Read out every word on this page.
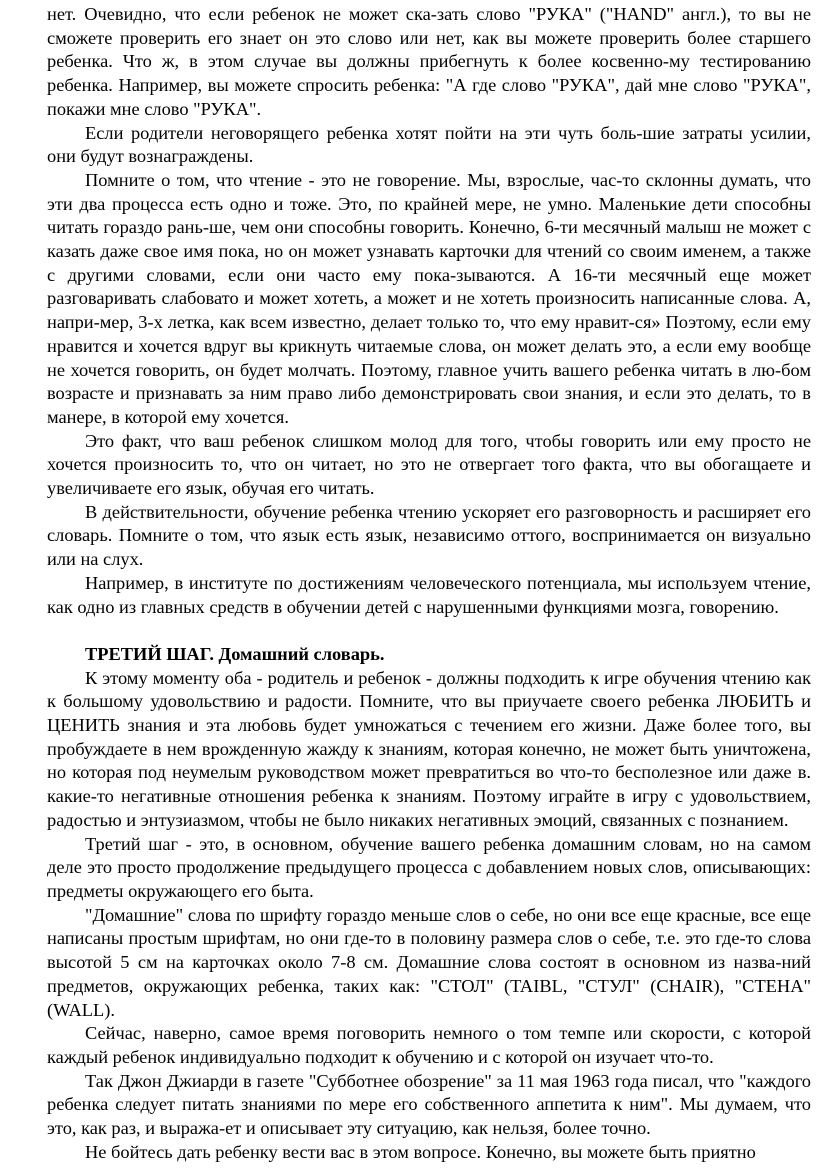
нет. Очевидно, что если ребенок не может ска-зать слово "РУКА" ("HAND" англ.), то вы не сможете проверить его знает он это слово или нет, как вы можете проверить более старшего ребенка. Что ж, в этом случае вы должны прибегнуть к более косвенно-му тестированию ребенка. Например, вы можете спросить ребенка: "А где слово "РУКА", дай мне слово "РУКА", покажи мне слово "РУКА".

Если родители неговорящего ребенка хотят пойти на эти чуть боль-шие затраты усилии, они будут вознаграждены.

Помните о том, что чтение - это не говорение. Мы, взрослые, час-то склонны думать, что эти два процесса есть одно и тоже. Это, по крайней мере, не умно. Маленькие дети способны читать гораздо рань-ше, чем они способны говорить. Конечно, 6-ти месячный малыш не может с казать даже свое имя пока, но он может узнавать карточки для чтений со своим именем, а также с другими словами, если они часто ему пока-зываются. А 16-ти месячный еще может разговаривать слабовато и может хотеть, а может и не хотеть произносить написанные слова. А, напри-мер, 3-х летка, как всем известно, делает только то, что ему нравит-ся» Поэтому, если ему нравится и хочется вдруг вы крикнуть читаемые слова, он может делать это, а если ему вообще не хочется говорить, он будет молчать. Поэтому, главное учить вашего ребенка читать в лю-бом возрасте и признавать за ним право либо демонстрировать свои знания, и если это делать, то в манере, в которой ему хочется.

Это факт, что ваш ребенок слишком молод для того, чтобы говорить или ему просто не хочется произносить то, что он читает, но это не отвергает того факта, что вы обогащаете и увеличиваете его язык, обучая его читать.

В действительности, обучение ребенка чтению ускоряет его разговорность и расширяет его словарь. Помните о том, что язык есть язык, независимо оттого, воспринимается он визуально или на слух.

Например, в институте по достижениям человеческого потенциала, мы используем чтение, как одно из главных средств в обучении детей с нарушенными функциями мозга, говорению.

ТРЕТИЙ ШАГ. Домашний словарь.

К этому моменту оба - родитель и ребенок - должны подходить к игре обучения чтению как к большому удовольствию и радости. Помните, что вы приучаете своего ребенка ЛЮБИТЬ и ЦЕНИТЬ знания и эта любовь будет умножаться с течением его жизни. Даже более того, вы пробуждаете в нем врожденную жажду к знаниям, которая конечно, не может быть уничтожена, но которая под неумелым руководством может превратиться во что-то бесполезное или даже в. какие-то негативные отношения ребенка к знаниям. Поэтому играйте в игру с удовольствием, радостью и энтузиазмом, чтобы не было никаких негативных эмоций, связанных с познанием.

Третий шаг - это, в основном, обучение вашего ребенка домашним словам, но на самом деле это просто продолжение предыдущего процесса с добавлением новых слов, описывающих: предметы окружающего его быта.

"Домашние" слова по шрифту гораздо меньше слов о себе, но они все еще красные, все еще написаны простым шрифтам, но они где-то в половину размера слов о себе, т.е. это где-то слова высотой 5 см на карточках около 7-8 см. Домашние слова состоят в основном из назва-ний предметов, окружающих ребенка, таких как: "СТОЛ" (TAIBL, "СТУЛ" (CHAIR), "СТЕНА" (WALL).

Сейчас, наверно, самое время поговорить немного о том темпе или скорости, с которой каждый ребенок индивидуально подходит к обучению и с которой он изучает что-то.

Так Джон Джиарди в газете "Субботнее обозрение" за 11 мая 1963 года писал, что "каждого ребенка следует питать знаниями по мере его собственного аппетита к ним". Мы думаем, что это, как раз, и выража-ет и описывает эту ситуацию, как нельзя, более точно.

Не бойтесь дать ребенку вести вас в этом вопросе. Конечно, вы можете быть приятно
